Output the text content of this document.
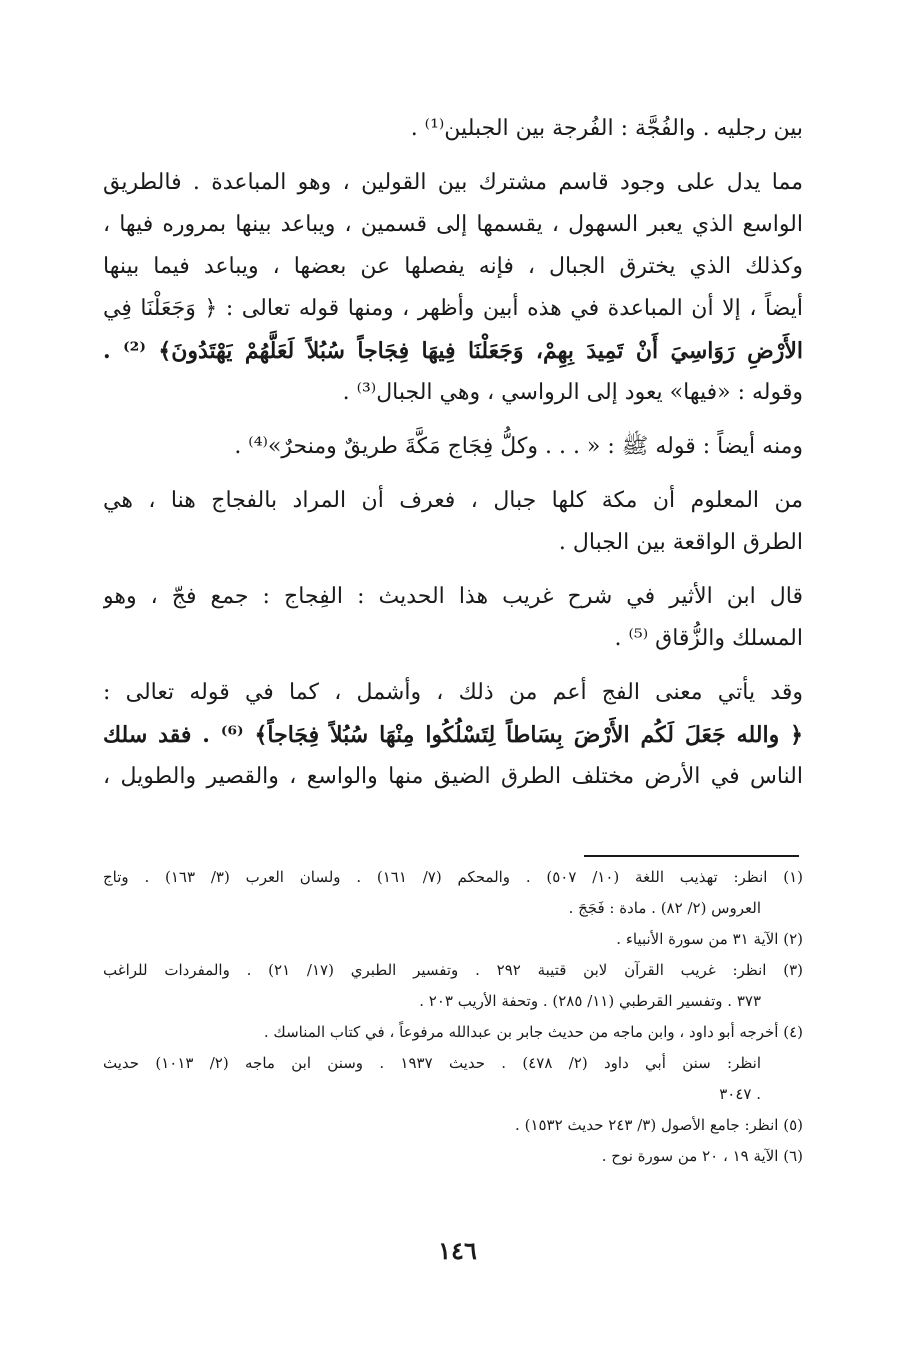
بين رجليه . والفُجَّة : الفُرجة بين الجبلين⁽¹⁾ .
مما يدل على وجود قاسم مشترك بين القولين ، وهو المباعدة . فالطريق
الواسع الذي يعبر السهول ، يقسمها إلى قسمين ، ويباعد بينها بمروره فيها ،
وكذلك الذي يخترق الجبال ، فإنه يفصلها عن بعضها ، ويباعد فيما بينها
أيضاً ، إلا أن المباعدة في هذه أبين وأظهر ، ومنها قوله تعالى : ﴿ وَجَعَلْنَا فِي
الأَرْضِ رَوَاسِيَ أَنْ تَمِيدَ بِهِمْ، وَجَعَلْنَا فِيهَا فِجَاجاً سُبُلاً لَعَلَّهُمْ يَهْتَدُونَ﴾ ⁽²⁾ .
وقوله : «فيها» يعود إلى الرواسي ، وهي الجبال⁽³⁾ .
ومنه أيضاً : قوله ﷺ : « . . . وكلُّ فِجَاج مَكَّةَ طريقٌ ومنحرٌ»⁽⁴⁾ .
من المعلوم أن مكة كلها جبال ، فعرف أن المراد بالفجاج هنا ، هي
الطرق الواقعة بين الجبال .
قال ابن الأثير في شرح غريب هذا الحديث : الفِجاج : جمع فجّ ، وهو
المسلك والزُّقاق ⁽⁵⁾ .
وقد يأتي معنى الفج أعم من ذلك ، وأشمل ، كما في قوله تعالى :
﴿ والله جَعَلَ لَكُم الأَرْضَ بِسَاطاً لِتَسْلُكُوا مِنْهَا سُبُلاً فِجَاجاً﴾ ⁽⁶⁾ . فقد سلك
الناس في الأرض مختلف الطرق الضيق منها والواسع ، والقصير والطويل ،
(١) انظر: تهذيب اللغة (١٠/ ٥٠٧) . والمحكم (٧/ ١٦١) . ولسان العرب (٣/ ١٦٣) . وتاج
العروس (٢/ ٨٢) . مادة : فَجَجَ .
(٢) الآية ٣١ من سورة الأنبياء .
(٣) انظر: غريب القرآن لابن قتيبة ٢٩٢ . وتفسير الطبري (١٧/ ٢١) . والمفردات للراغب
٣٧٣ . وتفسير القرطبي (١١/ ٢٨٥) . وتحفة الأريب ٢٠٣ .
(٤) أخرجه أبو داود ، وابن ماجه من حديث جابر بن عبدالله مرفوعاً ، في كتاب المناسك .
انظر: سنن أبي داود (٢/ ٤٧٨) . حديث ١٩٣٧ . وسنن ابن ماجه (٢/ ١٠١٣) حديث
٣٠٤٧ .
(٥) انظر: جامع الأصول (٣/ ٢٤٣ حديث ١٥٣٢) .
(٦) الآية ١٩ ، ٢٠ من سورة نوح .
١٤٦
